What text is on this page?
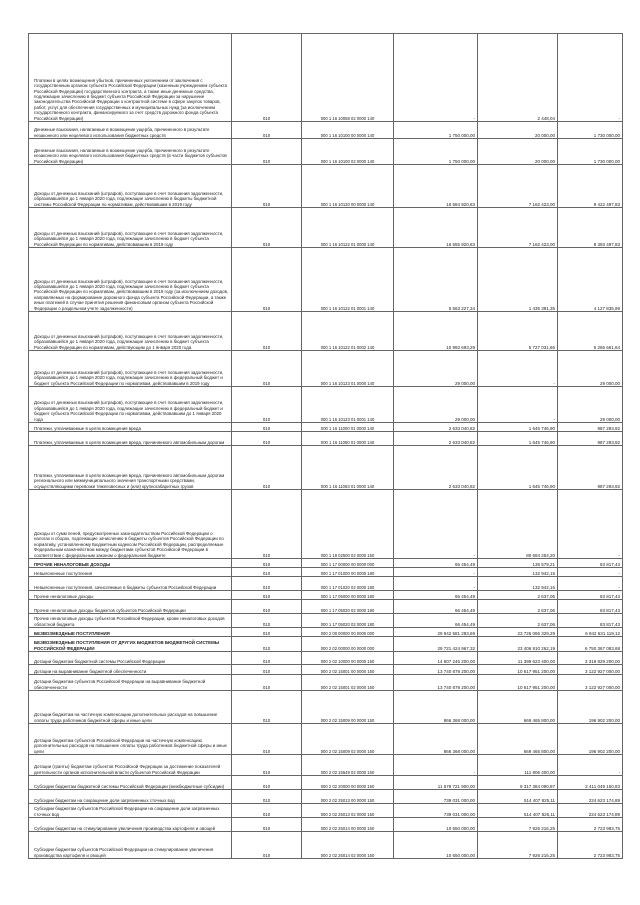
Платежи в целях возмещения убытков, причиненных уклонением от заключения с государственным органом субъекта Российской Федерации (казенным учреждением субъекта Российской Федерации) государственного контракта, а также иные денежные средства, подлежащие зачислению в бюджет субъекта Российской Федерации за нарушение законодательства Российской Федерации о контрактной системе в сфере закупок товаров, работ, услуг для обеспечения государственных и муниципальных нужд (за исключением государственного контракта, финансируемого за счет средств дорожного фонда субъекта Российской Федерации)	010	000 1 16 10058 02 0000 140	-	2 448,04	-
Денежные взыскания, налагаемые в возмещение ущерба, причиненного в результате незаконного или нецелевого использования бюджетных средств	010	000 1 16 10100 00 0000 140	1 750 000,00	20 000,00	1 730 000,00
Денежные взыскания, налагаемые в возмещение ущерба, причиненного в результате незаконного или нецелевого использования бюджетных средств (в части бюджетов субъектов Российской Федерации)	010	000 1 16 10100 02 0000 140	1 750 000,00	20 000,00	1 730 000,00
Доходы от денежных взысканий (штрафов), поступающие в счет погашения задолженности, образовавшейся до 1 января 2020 года, подлежащие зачислению в бюджеты бюджетной системы Российской Федерации по нормативам, действовавшим в 2019 году	010	000 1 16 10120 00 0000 140	16 584 920,83	7 162 423,00	9 422 497,83
Доходы от денежных взысканий (штрафов), поступающие в счет погашения задолженности, образовавшейся до 1 января 2020 года, подлежащие зачислению в бюджет субъекта Российской Федерации по нормативам, действовавшим в 2019 году	010	000 1 16 10122 01 0000 140	16 555 920,83	7 162 423,00	9 393 497,83
Доходы от денежных взысканий (штрафов), поступающие в счет погашения задолженности, образовавшейся до 1 января 2020 года, подлежащие зачислению в бюджет субъекта Российской Федерации по нормативам, действовавшим в 2019 году (за исключением доходов, направляемых на формирование дорожного фонда субъекта Российской Федерации, а также иных платежей в случае принятия решения финансовым органом субъекта Российской Федерации о раздельном учете задолженности)	010	000 1 16 10122 01 0001 140	5 563 227,34	1 435 391,35	4 127 835,99
Доходы от денежных взысканий (штрафов), поступающие в счет погашения задолженности, образовавшейся до 1 января 2020 года, подлежащие зачислению в бюджет субъекта Российской Федерации по нормативам, действующим до 1 января 2020 года	010	000 1 16 10122 01 0002 140	10 992 693,29	5 727 031,65	5 265 661,64
Доходы от денежных взысканий (штрафов), поступающие в счет погашения задолженности, образовавшейся до 1 января 2020 года, подлежащие зачислению в федеральный бюджет и бюджет субъекта Российской Федерации по нормативам, действовавшим в 2019 году	010	000 1 16 10123 01 0000 140	29 000,00	-	29 000,00
Доходы от денежных взысканий (штрафов), поступающие в счет погашения задолженности, образовавшейся до 1 января 2020 года, подлежащие зачислению в федеральный бюджет и бюджет субъекта Российской Федерации по нормативам, действовавшим до 1 января 2020 года	010	000 1 16 10123 01 0001 140	29 000,00	-	29 000,00
Платежи, уплачиваемые в целях возмещения вреда	010	000 1 16 11000 01 0000 140	2 633 040,82	1 645 746,90	987 293,92
Платежи, уплачиваемые в целях возмещения вреда, причиняемого автомобильным дорогам	010	000 1 16 11060 01 0000 140	2 633 040,82	1 645 746,90	987 293,92
Платежи, уплачиваемые в целях возмещения вреда, причиняемого автомобильным дорогам регионального или межмуниципального значения транспортными средствами, осуществляющими перевозки тяжеловесных и (или) крупногабаритных грузов	010	000 1 16 11063 01 0000 140	2 633 040,82	1 645 746,90	987 293,92
Доходы от сумм пеней, предусмотренных законодательством Российской Федерации о налогах и сборах, подлежащие зачислению в бюджеты субъектов Российской Федерации по нормативу, установленному Бюджетным кодексом Российской Федерации, распределяемые Федеральным казначейством между бюджетами субъектов Российской Федерации в соответствии с федеральным законом о федеральном бюджете	010	000 1 18 02500 02 0000 150	-	80 694 254,20	-
ПРОЧИЕ НЕНАЛОГОВЫЕ ДОХОДЫ	010	000 1 17 00000 00 0000 000	66 454,49	135 579,21	83 817,43
Невыясненные поступления	010	000 1 17 01000 00 0000 180	-	132 942,15	-
Невыясненные поступления, зачисляемые в бюджеты субъектов Российской Федерации	010	000 1 17 01020 02 0000 180	-	132 942,15	-
Прочие неналоговые доходы	010	000 1 17 05000 00 0000 180	66 454,49	2 637,06	83 817,43
Прочие неналоговые доходы бюджетов субъектов Российской Федерации	010	000 1 17 05020 02 0000 180	66 454,49	2 637,06	83 817,43
Прочие неналоговые доходы субъектов Российской Федерации, кроме неналоговых доходов областной бюджета	010	000 1 17 05020 02 0000 180	66 454,49	2 637,06	83 817,43
БЕЗВОЗМЕЗДНЫЕ ПОСТУПЛЕНИЯ	010	000 2 00 00000 00 0000 000	29 942 581 283,69	23 726 066 329,29	6 942 631 119,12
БЕЗВОЗМЕЗДНЫЕ ПОСТУПЛЕНИЯ ОТ ДРУГИХ БЮДЖЕТОВ БЮДЖЕТНОЙ СИСТЕМЫ РОССИЙСКОЙ ФЕДЕРАЦИИ	010	000 2 02 00000 00 0000 000	29 721 424 967,32	23 406 910 262,19	6 750 367 083,68
Дотации бюджетам бюджетной системы Российской Федерации	010	000 2 02 10000 00 0000 150	14 607 246 200,00	11 399 623 400,00	3 319 829 200,00
Дотации на выравнивание бюджетной обеспеченности	010	000 2 02 15001 00 0000 150	13 740 878 200,00	10 617 951 200,00	3 122 927 000,00
Дотации бюджетам субъектов Российской Федерации на выравнивание бюджетной обеспеченности	010	000 2 02 15001 02 0000 150	13 740 878 200,00	10 617 951 200,00	3 122 927 000,00
Дотации бюджетам на частичную компенсацию дополнительных расходов на повышение оплаты труда работников бюджетной сферы и иные цели	010	000 2 02 15009 00 0000 150	866 368 000,00	669 465 800,00	196 902 200,00
Дотации бюджетам субъектов Российской Федерации на частичную компенсацию дополнительных расходов на повышение оплаты труда работников бюджетной сферы и иные цели	010	000 2 02 15009 02 0000 150	866 368 000,00	669 465 800,00	196 902 200,00
Дотации (гранты) бюджетам субъектов Российской Федерации за достижение показателей деятельности органов исполнительной власти субъектов Российской Федерации	010	000 2 02 15549 02 0000 150	-	111 806 400,00	-
Субсидии бюджетам бюджетной системы Российской Федерации (межбюджетные субсидии)	010	000 2 02 20000 00 0000 150	11 578 721 900,00	9 317 384 090,87	2 411 049 150,83
Субсидии бюджетам на сокращение доли загрязненных сточных вод	010	000 2 02 25013 00 0000 150	739 031 000,00	514 407 825,11	224 623 174,89
Субсидии бюджетам субъектов Российской Федерации на сокращение доли загрязненных сточных вод	010	000 2 02 25013 02 0000 150	739 031 000,00	514 407 825,11	224 623 174,89
Субсидии бюджетам на стимулирование увеличения производства картофеля и овощей	010	000 2 02 25014 00 0000 150	10 650 000,00	7 926 216,25	2 723 983,75
Субсидии бюджетам субъектов Российской Федерации на стимулирование увеличения производства картофеля и овощей	010	000 2 02 25014 02 0000 150	10 650 000,00	7 926 216,25	2 723 983,75
